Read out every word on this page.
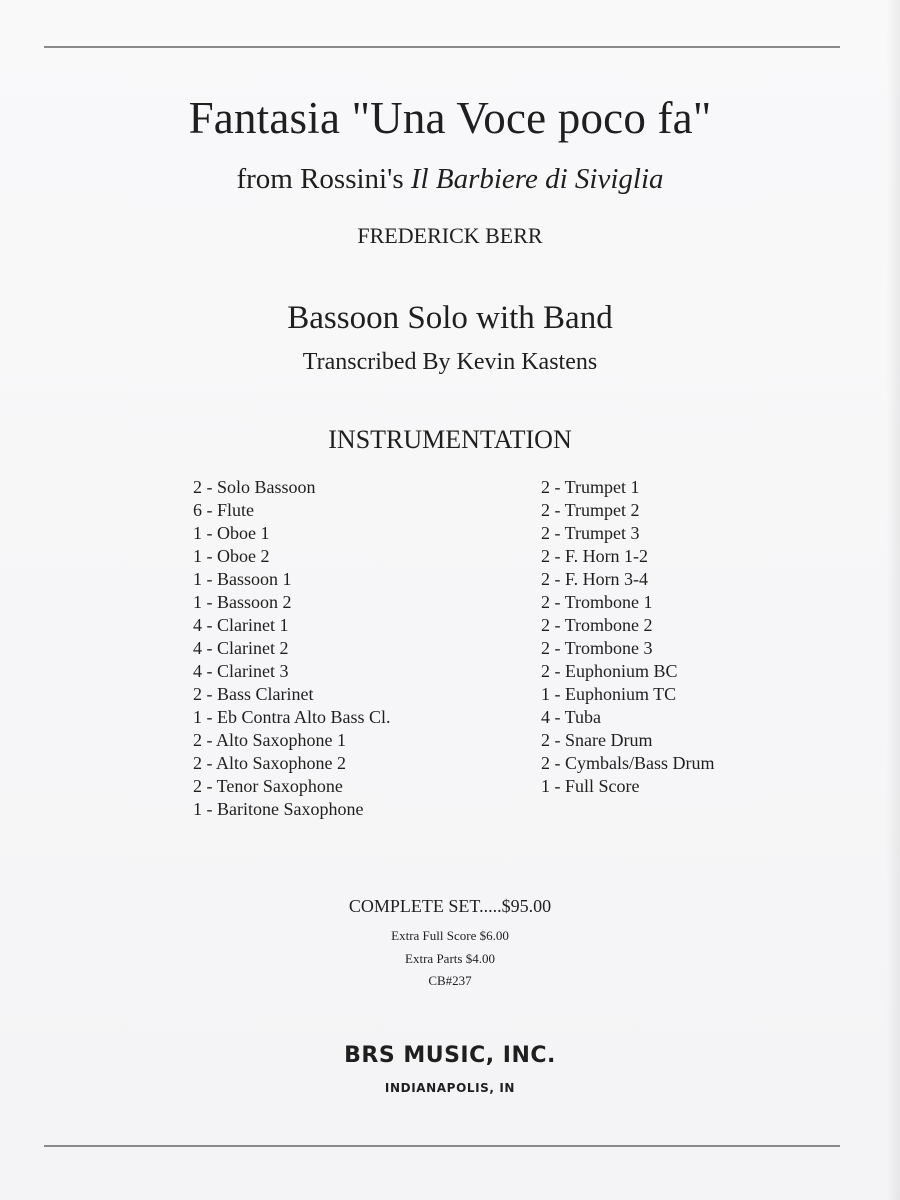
Fantasia "Una Voce poco fa"
from Rossini's Il Barbiere di Siviglia
FREDERICK BERR
Bassoon Solo with Band
Transcribed By Kevin Kastens
INSTRUMENTATION
2 - Solo Bassoon
6 - Flute
1 - Oboe 1
1 - Oboe 2
1 - Bassoon 1
1 - Bassoon 2
4 - Clarinet 1
4 - Clarinet 2
4 - Clarinet 3
2 - Bass Clarinet
1 - Eb Contra Alto Bass Cl.
2 - Alto Saxophone 1
2 - Alto Saxophone 2
2 - Tenor Saxophone
1 - Baritone Saxophone
2 - Trumpet 1
2 - Trumpet 2
2 - Trumpet 3
2 - F. Horn 1-2
2 - F. Horn 3-4
2 - Trombone 1
2 - Trombone 2
2 - Trombone 3
2 - Euphonium BC
1 - Euphonium TC
4 - Tuba
2 - Snare Drum
2 - Cymbals/Bass Drum
1 - Full Score
COMPLETE SET.....$95.00
Extra Full Score $6.00
Extra Parts $4.00
CB#237
BRS MUSIC, INC.
INDIANAPOLIS, IN
